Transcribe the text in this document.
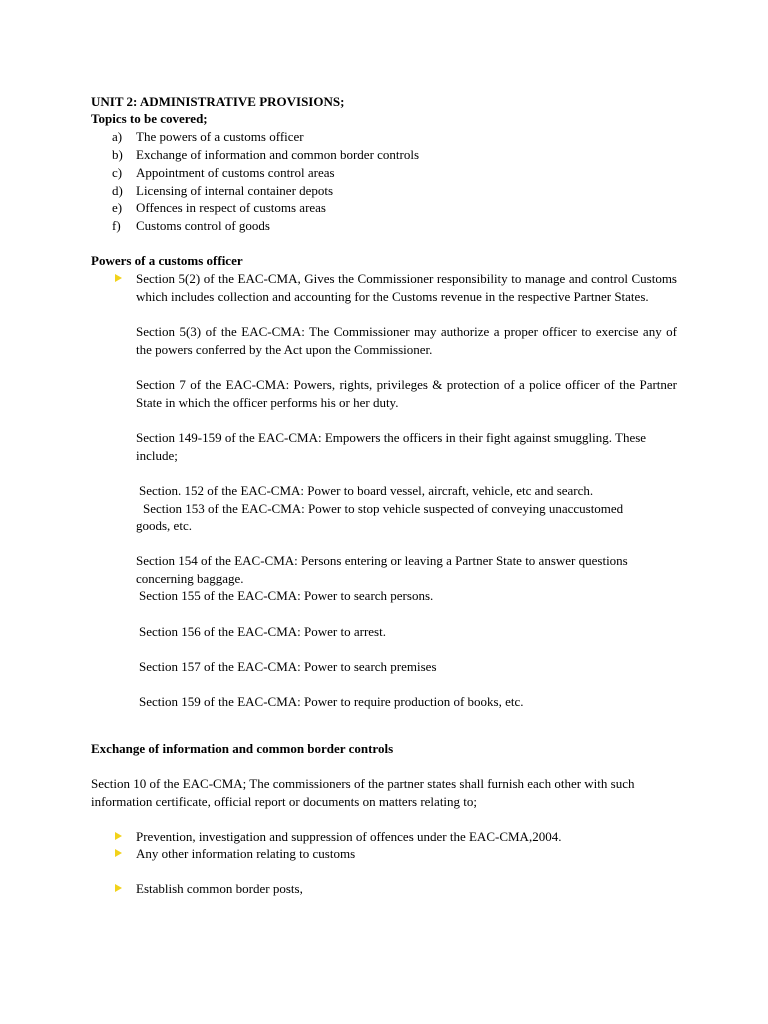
UNIT 2: ADMINISTRATIVE PROVISIONS;
Topics to be covered;
a) The powers of a customs officer
b) Exchange of information and common border controls
c) Appointment of customs control areas
d) Licensing of internal container depots
e) Offences in respect of customs areas
f) Customs control of goods
Powers of a customs officer
Section 5(2) of the EAC-CMA, Gives the Commissioner responsibility to manage and control Customs which includes collection and accounting for the Customs revenue in the respective Partner States.
Section 5(3) of the EAC-CMA: The Commissioner may authorize a proper officer to exercise any of the powers conferred by the Act upon the Commissioner.
Section 7 of the EAC-CMA: Powers, rights, privileges & protection of a police officer of the Partner State in which the officer performs his or her duty.
Section 149-159 of the EAC-CMA: Empowers the officers in their fight against smuggling. These include;
Section. 152 of the EAC-CMA: Power to board vessel, aircraft, vehicle, etc and search.
Section 153 of the EAC-CMA: Power to stop vehicle suspected of conveying unaccustomed
goods, etc.
Section 154 of the EAC-CMA: Persons entering or leaving a Partner State to answer questions concerning baggage.
Section 155 of the EAC-CMA: Power to search persons.
Section 156 of the EAC-CMA: Power to arrest.
Section 157 of the EAC-CMA: Power to search premises
Section 159 of the EAC-CMA: Power to require production of books, etc.
Exchange of information and common border controls
Section 10 of the EAC-CMA; The commissioners of the partner states shall furnish each other with such information certificate, official report or documents on matters relating to;
Prevention, investigation and suppression of offences under the EAC-CMA,2004.
Any other information relating to customs
Establish common border posts,
